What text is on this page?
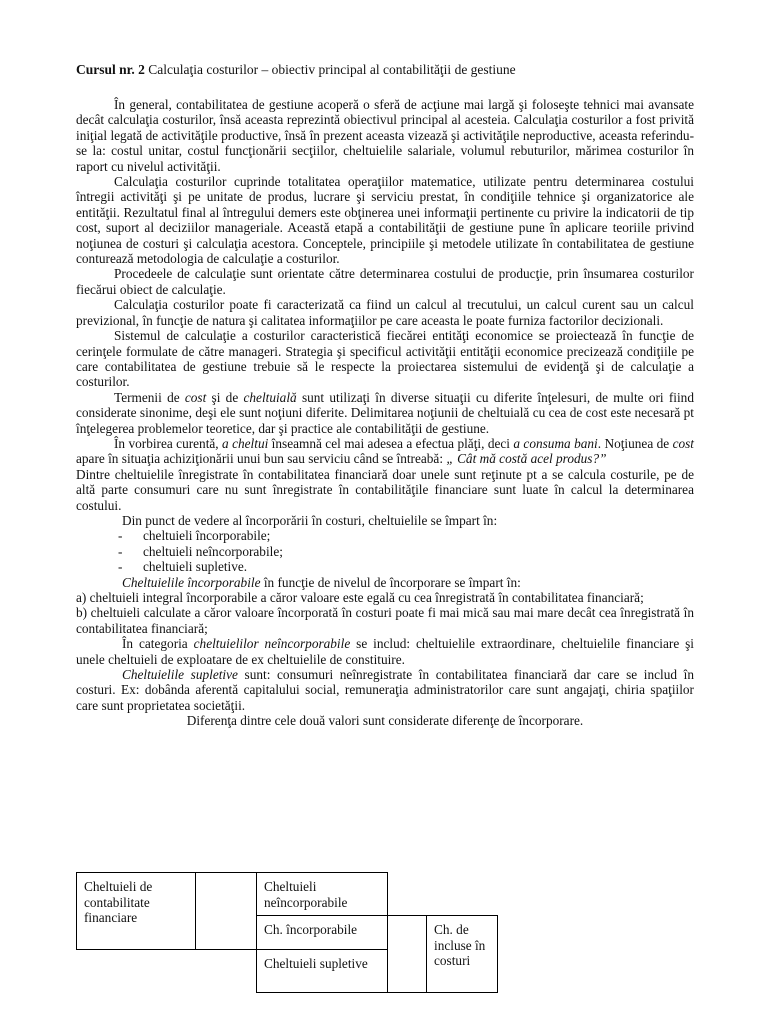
Cursul nr. 2 Calculaţia costurilor – obiectiv principal al contabilităţii de gestiune

În general, contabilitatea de gestiune acoperă o sferă de acţiune mai largă şi foloseşte tehnici mai avansate decât calculaţia costurilor, însă aceasta reprezintă obiectivul principal al acesteia. Calculaţia costurilor a fost privită iniţial legată de activităţile productive, însă în prezent aceasta vizează şi activităţile neproductive, aceasta referindu-se la: costul unitar, costul funcţionării secţiilor, cheltuielile salariale, volumul rebuturilor, mărimea costurilor în raport cu nivelul activităţii.

Calculaţia costurilor cuprinde totalitatea operaţiilor matematice, utilizate pentru determinarea costului întregii activităţi şi pe unitate de produs, lucrare şi serviciu prestat, în condiţiile tehnice şi organizatorice ale entităţii. Rezultatul final al întregului demers este obţinerea unei informaţii pertinente cu privire la indicatorii de tip cost, suport al deciziilor manageriale. Această etapă a contabilităţii de gestiune pune în aplicare teoriile privind noţiunea de costuri şi calculaţia acestora. Conceptele, principiile şi metodele utilizate în contabilitatea de gestiune conturează metodologia de calculaţie a costurilor.

Procedeele de calculaţie sunt orientate către determinarea costului de producţie, prin însumarea costurilor fiecărui obiect de calculaţie.

Calculaţia costurilor poate fi caracterizată ca fiind un calcul al trecutului, un calcul curent sau un calcul previzional, în funcţie de natura şi calitatea informaţiilor pe care aceasta le poate furniza factorilor decizionali.

Sistemul de calculaţie a costurilor caracteristică fiecărei entităţi economice se proiectează în funcţie de cerinţele formulate de către manageri. Strategia şi specificul activităţii entităţii economice precizează condiţiile pe care contabilitatea de gestiune trebuie să le respecte la proiectarea sistemului de evidenţă şi de calculaţie a costurilor.

Termenii de cost şi de cheltuială sunt utilizaţi în diverse situaţii cu diferite înţelesuri, de multe ori fiind considerate sinonime, deşi ele sunt noţiuni diferite. Delimitarea noţiunii de cheltuială cu cea de cost este necesară pt înţelegerea problemelor teoretice, dar şi practice ale contabilităţii de gestiune.

În vorbirea curentă, a cheltui înseamnă cel mai adesea a efectua plăţi, deci a consuma bani. Noţiunea de cost apare în situaţia achiziţionării unui bun sau serviciu când se întreabă: „ Cât mă costă acel produs?”

Dintre cheltuielile înregistrate în contabilitatea financiară doar unele sunt reţinute pt a se calcula costurile, pe de altă parte consumuri care nu sunt înregistrate în contabilităţile financiare sunt luate în calcul la determinarea costului.

Din punct de vedere al încorporării în costuri, cheltuielile se împart în:

- cheltuieli încorporabile;
- cheltuieli neîncorporabile;
- cheltuieli supletive.

Cheltuielile încorporabile în funcţie de nivelul de încorporare se împart în:

a) cheltuieli integral încorporabile a căror valoare este egală cu cea înregistrată în contabilitatea financiară;

b) cheltuieli calculate a căror valoare încorporată în costuri poate fi mai mică sau mai mare decât cea înregistrată în contabilitatea financiară;

În categoria cheltuielilor neîncorporabile se includ: cheltuielile extraordinare, cheltuielile financiare şi unele cheltuieli de exploatare de ex cheltuielile de constituire.

Cheltuielile supletive sunt: consumuri neînregistrate în contabilitatea financiară dar care se includ în costuri. Ex: dobânda aferentă capitalului social, remuneraţia administratorilor care sunt angajaţi, chiria spaţiilor care sunt proprietatea societăţii.

Diferenţa dintre cele două valori sunt considerate diferenţe de încorporare.

Cheltuieli de contabilitate financiare
Cheltuieli neîncorporabile
Ch. încorporabile	Ch. de incluse în costuri
Cheltuieli supletive
